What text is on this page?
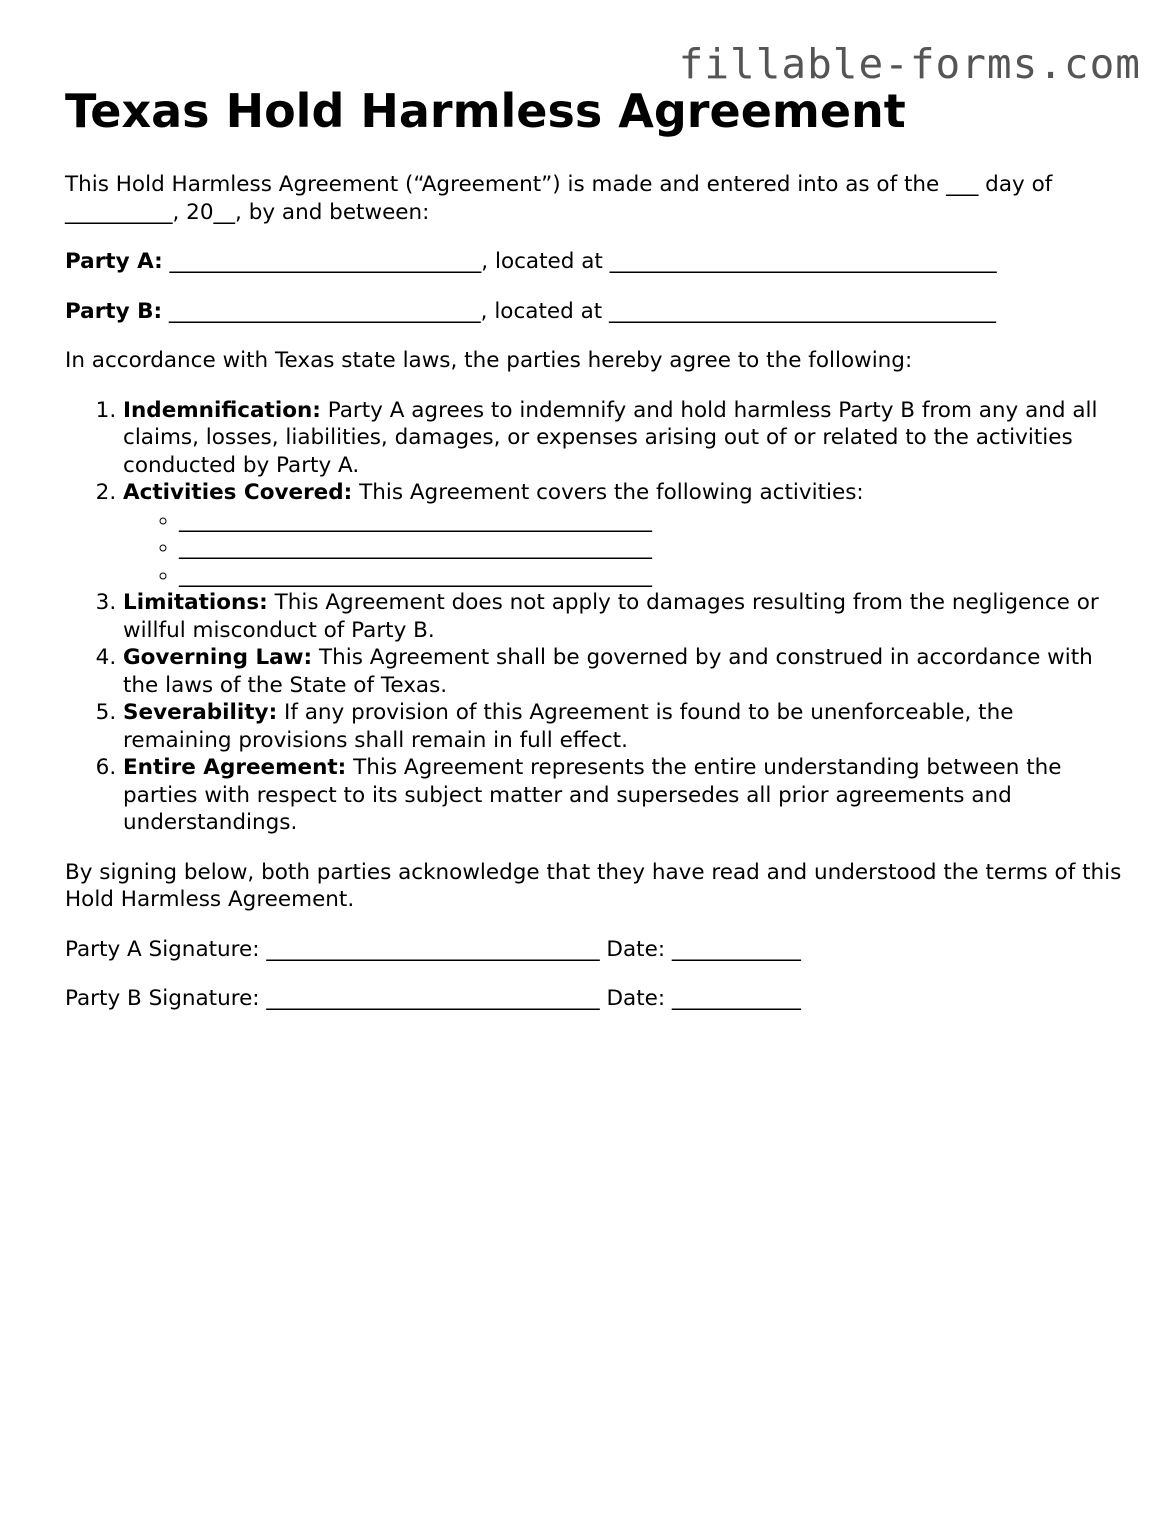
fillable-forms.com
Texas Hold Harmless Agreement

This Hold Harmless Agreement (“Agreement”) is made and entered into as of the ___ day of __________, 20__, by and between:

Party A: _____________________________, located at ____________________________________

Party B: _____________________________, located at ____________________________________

In accordance with Texas state laws, the parties hereby agree to the following:

1. Indemnification: Party A agrees to indemnify and hold harmless Party B from any and all claims, losses, liabilities, damages, or expenses arising out of or related to the activities conducted by Party A.
2. Activities Covered: This Agreement covers the following activities:
◦ ____________________________________________
◦ ____________________________________________
◦ ____________________________________________
3. Limitations: This Agreement does not apply to damages resulting from the negligence or willful misconduct of Party B.
4. Governing Law: This Agreement shall be governed by and construed in accordance with the laws of the State of Texas.
5. Severability: If any provision of this Agreement is found to be unenforceable, the remaining provisions shall remain in full effect.
6. Entire Agreement: This Agreement represents the entire understanding between the parties with respect to its subject matter and supersedes all prior agreements and understandings.

By signing below, both parties acknowledge that they have read and understood the terms of this Hold Harmless Agreement.

Party A Signature: _______________________________ Date: ____________

Party B Signature: _______________________________ Date: ____________
